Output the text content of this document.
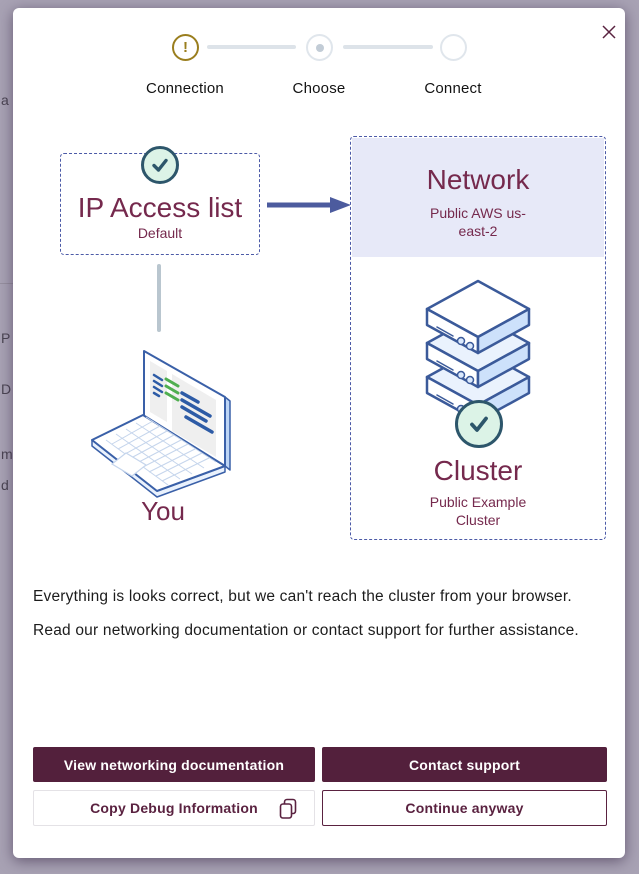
a
P
D
m
d
!
Connection	Choose	Connect
IP Access list
Default
You
Network
Public AWS us-east-2
Cluster
Public Example Cluster
Everything is looks correct, but we can't reach the cluster from your browser.
Read our networking documentation or contact support for further assistance.
View networking documentation	Contact support
Copy Debug Information	Continue anyway
